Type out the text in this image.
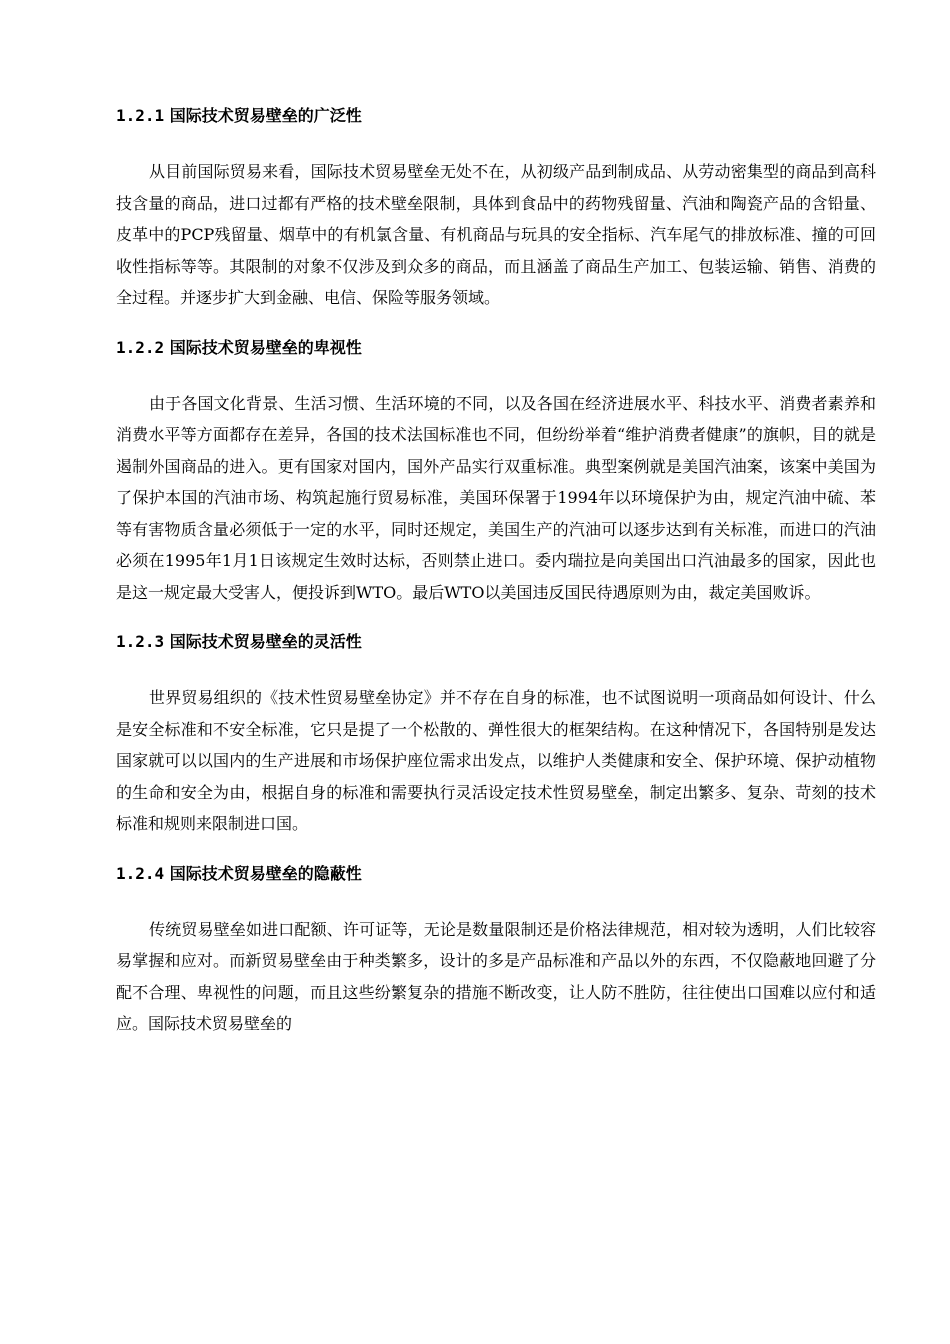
1.2.1 国际技术贸易壁垒的广泛性

从目前国际贸易来看，国际技术贸易壁垒无处不在，从初级产品到制成品、从劳动密集型的商品到高科技含量的商品，进口过都有严格的技术壁垒限制，具体到食品中的药物残留量、汽油和陶瓷产品的含铅量、皮革中的PCP残留量、烟草中的有机氯含量、有机商品与玩具的安全指标、汽车尾气的排放标准、撞的可回收性指标等等。其限制的对象不仅涉及到众多的商品，而且涵盖了商品生产加工、包装运输、销售、消费的全过程。并逐步扩大到金融、电信、保险等服务领域。

1.2.2 国际技术贸易壁垒的卑视性

由于各国文化背景、生活习惯、生活环境的不同，以及各国在经济进展水平、科技水平、消费者素养和消费水平等方面都存在差异，各国的技术法国标准也不同，但纷纷举着“维护消费者健康”的旗帜，目的就是遏制外国商品的进入。更有国家对国内，国外产品实行双重标准。典型案例就是美国汽油案，该案中美国为了保护本国的汽油市场、构筑起施行贸易标准，美国环保署于1994年以环境保护为由，规定汽油中硫、苯等有害物质含量必须低于一定的水平，同时还规定，美国生产的汽油可以逐步达到有关标准，而进口的汽油必须在1995年1月1日该规定生效时达标，否则禁止进口。委内瑞拉是向美国出口汽油最多的国家，因此也是这一规定最大受害人，便投诉到WTO。最后WTO以美国违反国民待遇原则为由，裁定美国败诉。

1.2.3 国际技术贸易壁垒的灵活性

世界贸易组织的《技术性贸易壁垒协定》并不存在自身的标准，也不试图说明一项商品如何设计、什么是安全标准和不安全标准，它只是提了一个松散的、弹性很大的框架结构。在这种情况下，各国特别是发达国家就可以以国内的生产进展和市场保护座位需求出发点，以维护人类健康和安全、保护环境、保护动植物的生命和安全为由，根据自身的标准和需要执行灵活设定技术性贸易壁垒，制定出繁多、复杂、苛刻的技术标准和规则来限制进口国。

1.2.4 国际技术贸易壁垒的隐蔽性

传统贸易壁垒如进口配额、许可证等，无论是数量限制还是价格法律规范，相对较为透明，人们比较容易掌握和应对。而新贸易壁垒由于种类繁多，设计的多是产品标准和产品以外的东西，不仅隐蔽地回避了分配不合理、卑视性的问题，而且这些纷繁复杂的措施不断改变，让人防不胜防，往往使出口国难以应付和适应。国际技术贸易壁垒的
